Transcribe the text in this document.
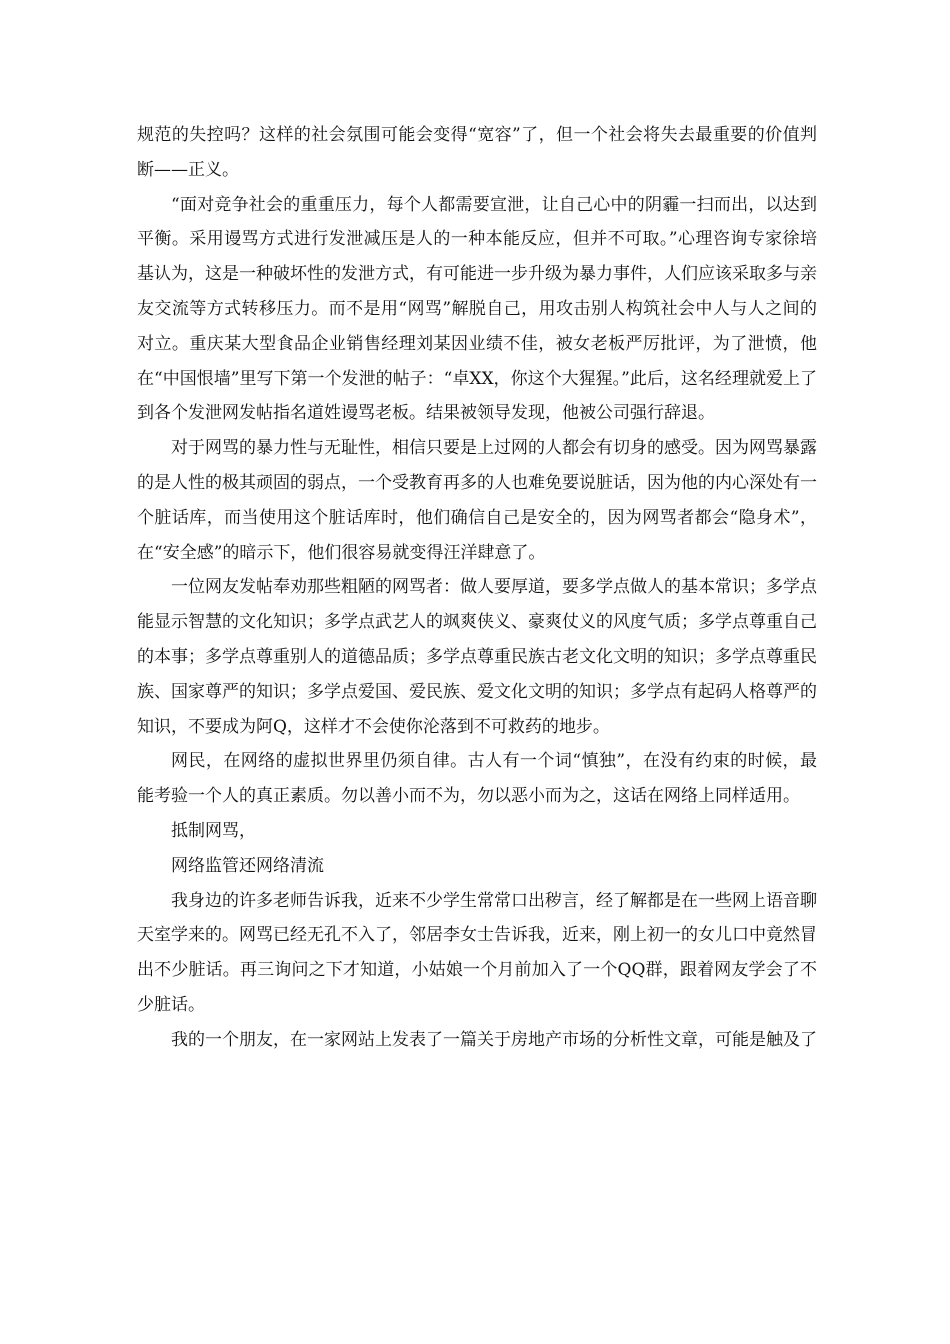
规范的失控吗？这样的社会氛围可能会变得“宽容”了，但一个社会将失去最重要的价值判断——正义。

“面对竞争社会的重重压力，每个人都需要宣泄，让自己心中的阴霾一扫而出，以达到平衡。采用谩骂方式进行发泄减压是人的一种本能反应，但并不可取。”心理咨询专家徐培基认为，这是一种破坏性的发泄方式，有可能进一步升级为暴力事件，人们应该采取多与亲友交流等方式转移压力。而不是用“网骂”解脱自己，用攻击别人构筑社会中人与人之间的对立。重庆某大型食品企业销售经理刘某因业绩不佳，被女老板严厉批评，为了泄愤，他在“中国恨墙”里写下第一个发泄的帖子：“卓XX，你这个大猩猩。”此后，这名经理就爱上了到各个发泄网发帖指名道姓谩骂老板。结果被领导发现，他被公司强行辞退。

对于网骂的暴力性与无耻性，相信只要是上过网的人都会有切身的感受。因为网骂暴露的是人性的极其顽固的弱点，一个受教育再多的人也难免要说脏话，因为他的内心深处有一个脏话库，而当使用这个脏话库时，他们确信自己是安全的，因为网骂者都会“隐身术”，在“安全感”的暗示下，他们很容易就变得汪洋肆意了。

一位网友发帖奉劝那些粗陋的网骂者：做人要厚道，要多学点做人的基本常识；多学点能显示智慧的文化知识；多学点武艺人的飒爽侠义、豪爽仗义的风度气质；多学点尊重自己的本事；多学点尊重别人的道德品质；多学点尊重民族古老文化文明的知识；多学点尊重民族、国家尊严的知识；多学点爱国、爱民族、爱文化文明的知识；多学点有起码人格尊严的知识，不要成为阿Q，这样才不会使你沦落到不可救药的地步。

网民，在网络的虚拟世界里仍须自律。古人有一个词“慎独”，在没有约束的时候，最能考验一个人的真正素质。勿以善小而不为，勿以恶小而为之，这话在网络上同样适用。

抵制网骂，

网络监管还网络清流

我身边的许多老师告诉我，近来不少学生常常口出秽言，经了解都是在一些网上语音聊天室学来的。网骂已经无孔不入了，邻居李女士告诉我，近来，刚上初一的女儿口中竟然冒出不少脏话。再三询问之下才知道，小姑娘一个月前加入了一个QQ群，跟着网友学会了不少脏话。

我的一个朋友，在一家网站上发表了一篇关于房地产市场的分析性文章，可能是触及了
